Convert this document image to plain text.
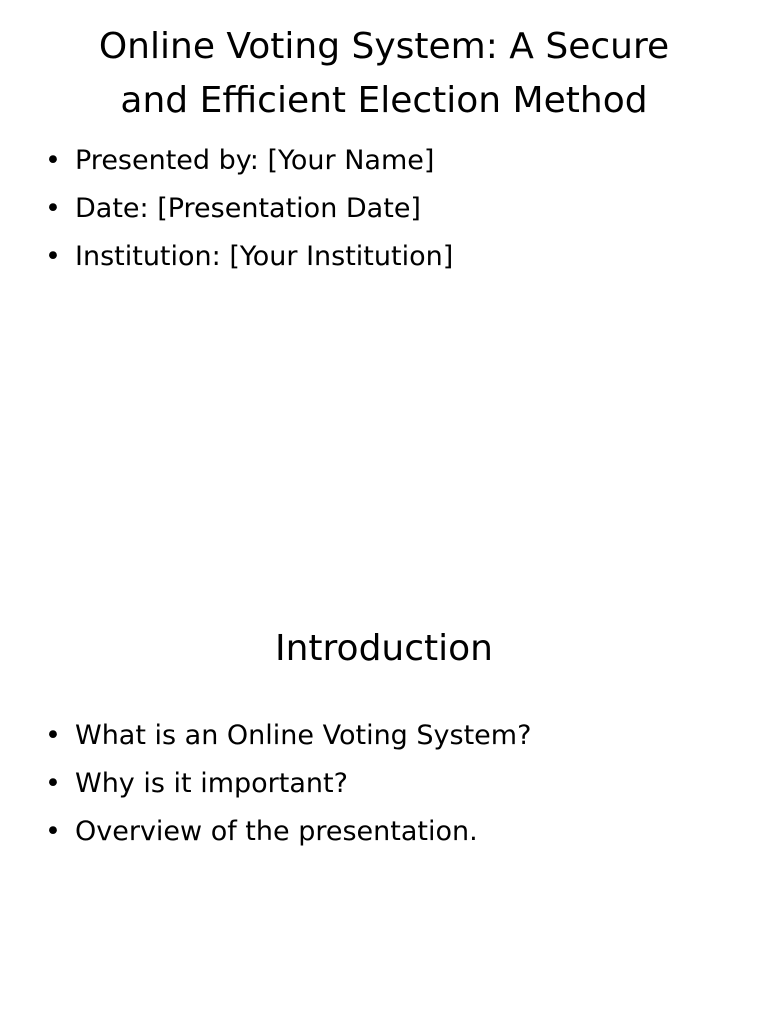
Online Voting System: A Secure
and Efficient Election Method
• Presented by: [Your Name]
• Date: [Presentation Date]
• Institution: [Your Institution]
Introduction
• What is an Online Voting System?
• Why is it important?
• Overview of the presentation.
